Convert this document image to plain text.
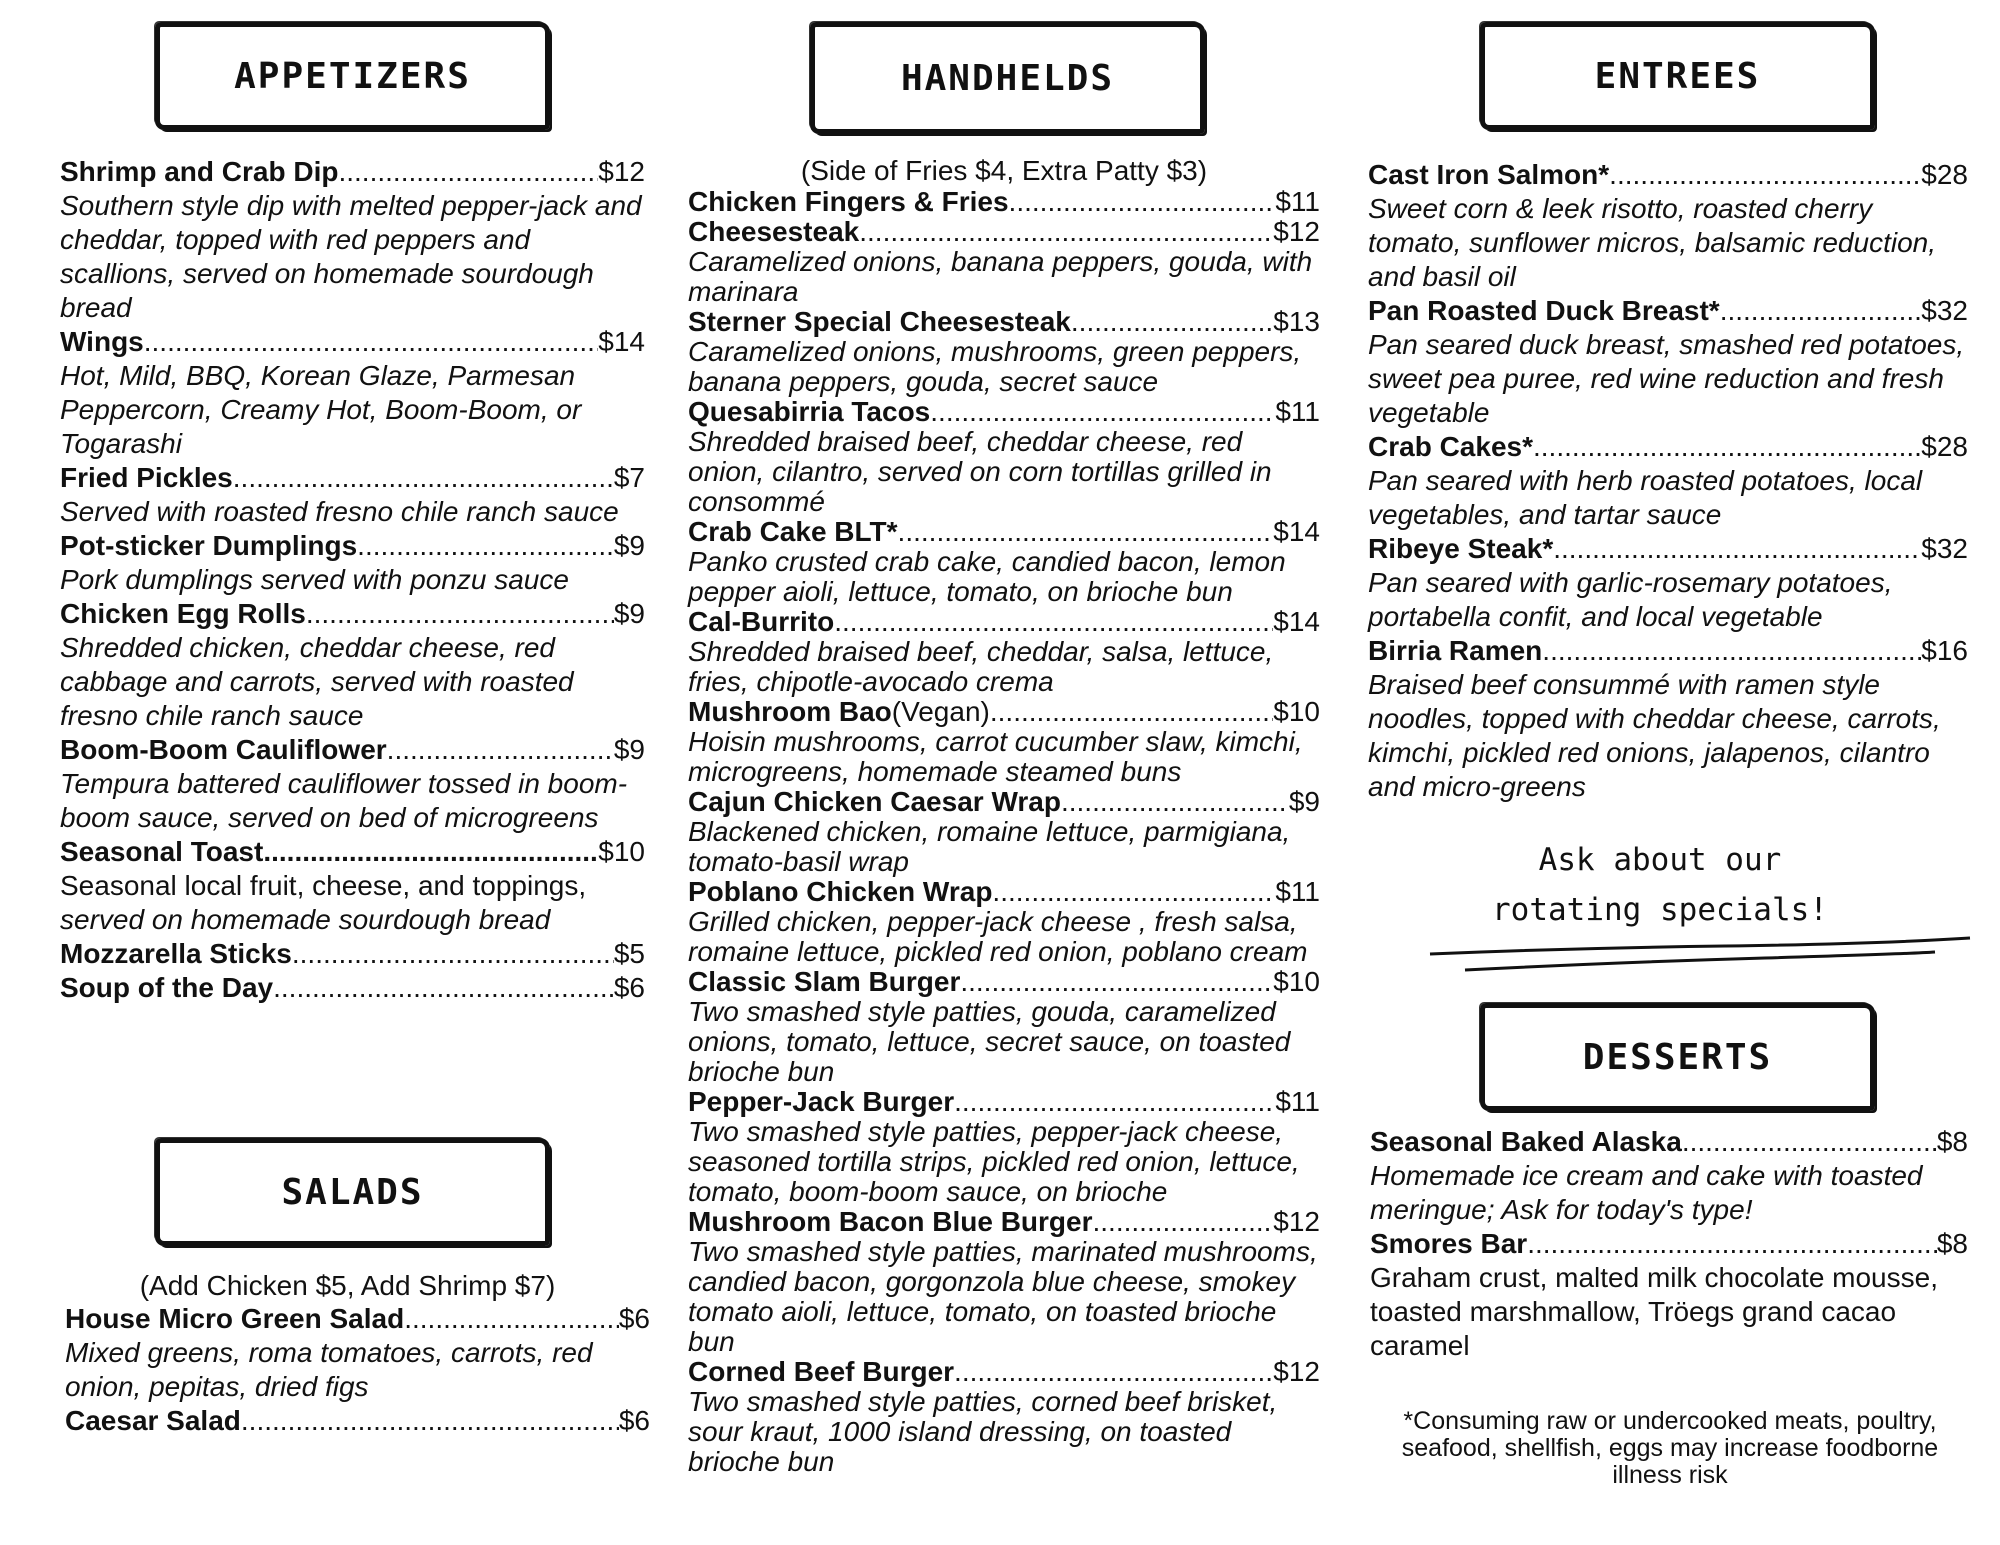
APPETIZERS
Shrimp and Crab Dip .....	$12
Southern style dip with melted pepper-jack and cheddar, topped with red peppers and scallions, served on homemade sourdough bread
Wings .....	$14
Hot, Mild, BBQ, Korean Glaze, Parmesan Peppercorn, Creamy Hot, Boom-Boom, or Togarashi
Fried Pickles .....	$7
Served with roasted fresno chile ranch sauce
Pot-sticker Dumplings .....	$9
Pork dumplings served with ponzu sauce
Chicken Egg Rolls .....	$9
Shredded chicken, cheddar cheese, red cabbage and carrots, served with roasted fresno chile ranch sauce
Boom-Boom Cauliflower .....	$9
Tempura battered cauliflower tossed in boom-boom sauce, served on bed of microgreens
Seasonal Toast .....	$10
Seasonal local fruit, cheese, and toppings,
served on homemade sourdough bread
Mozzarella Sticks .....	$5
Soup of the Day .....	$6
SALADS
(Add Chicken $5, Add Shrimp $7)
House Micro Green Salad .....	$6
Mixed greens, roma tomatoes, carrots, red onion, pepitas, dried figs
Caesar Salad .....	$6
HANDHELDS
(Side of Fries $4, Extra Patty $3)
Chicken Fingers & Fries .....	$11
Cheesesteak .....	$12
Caramelized onions, banana peppers, gouda, with marinara
Sterner Special Cheesesteak .....	$13
Caramelized onions, mushrooms, green peppers, banana peppers, gouda, secret sauce
Quesabirria Tacos .....	$11
Shredded braised beef, cheddar cheese, red onion, cilantro, served on corn tortillas grilled in consommé
Crab Cake BLT* .....	$14
Panko crusted crab cake, candied bacon, lemon pepper aioli, lettuce, tomato, on brioche bun
Cal-Burrito .....	$14
Shredded braised beef, cheddar, salsa, lettuce, fries, chipotle-avocado crema
Mushroom Bao (Vegan) .....	$10
Hoisin mushrooms, carrot cucumber slaw, kimchi, microgreens, homemade steamed buns
Cajun Chicken Caesar Wrap .....	$9
Blackened chicken, romaine lettuce, parmigiana, tomato-basil wrap
Poblano Chicken Wrap .....	$11
Grilled chicken, pepper-jack cheese , fresh salsa, romaine lettuce, pickled red onion, poblano cream
Classic Slam Burger .....	$10
Two smashed style patties, gouda, caramelized onions, tomato, lettuce, secret sauce, on toasted brioche bun
Pepper-Jack Burger .....	$11
Two smashed style patties, pepper-jack cheese, seasoned tortilla strips, pickled red onion, lettuce, tomato, boom-boom sauce, on brioche
Mushroom Bacon Blue Burger .....	$12
Two smashed style patties, marinated mushrooms, candied bacon, gorgonzola blue cheese, smokey tomato aioli, lettuce, tomato, on toasted brioche bun
Corned Beef Burger .....	$12
Two smashed style patties, corned beef brisket, sour kraut, 1000 island dressing, on toasted brioche bun
ENTREES
Cast Iron Salmon* .....	$28
Sweet corn & leek risotto, roasted cherry tomato, sunflower micros, balsamic reduction, and basil oil
Pan Roasted Duck Breast* .....	$32
Pan seared duck breast, smashed red potatoes, sweet pea puree, red wine reduction and fresh vegetable
Crab Cakes* .....	$28
Pan seared with herb roasted potatoes, local vegetables, and tartar sauce
Ribeye Steak* .....	$32
Pan seared with garlic-rosemary potatoes, portabella confit, and local vegetable
Birria Ramen .....	$16
Braised beef consummé with ramen style noodles, topped with cheddar cheese, carrots, kimchi, pickled red onions, jalapenos, cilantro and micro-greens
DESSERTS
Seasonal Baked Alaska .....	$8
Homemade ice cream and cake with toasted meringue; Ask for today's type!
Smores Bar .....	$8
Graham crust, malted milk chocolate mousse, toasted marshmallow, Tröegs grand cacao caramel
Ask about our
rotating specials!
*Consuming raw or undercooked meats, poultry, seafood, shellfish, eggs may increase foodborne illness risk
